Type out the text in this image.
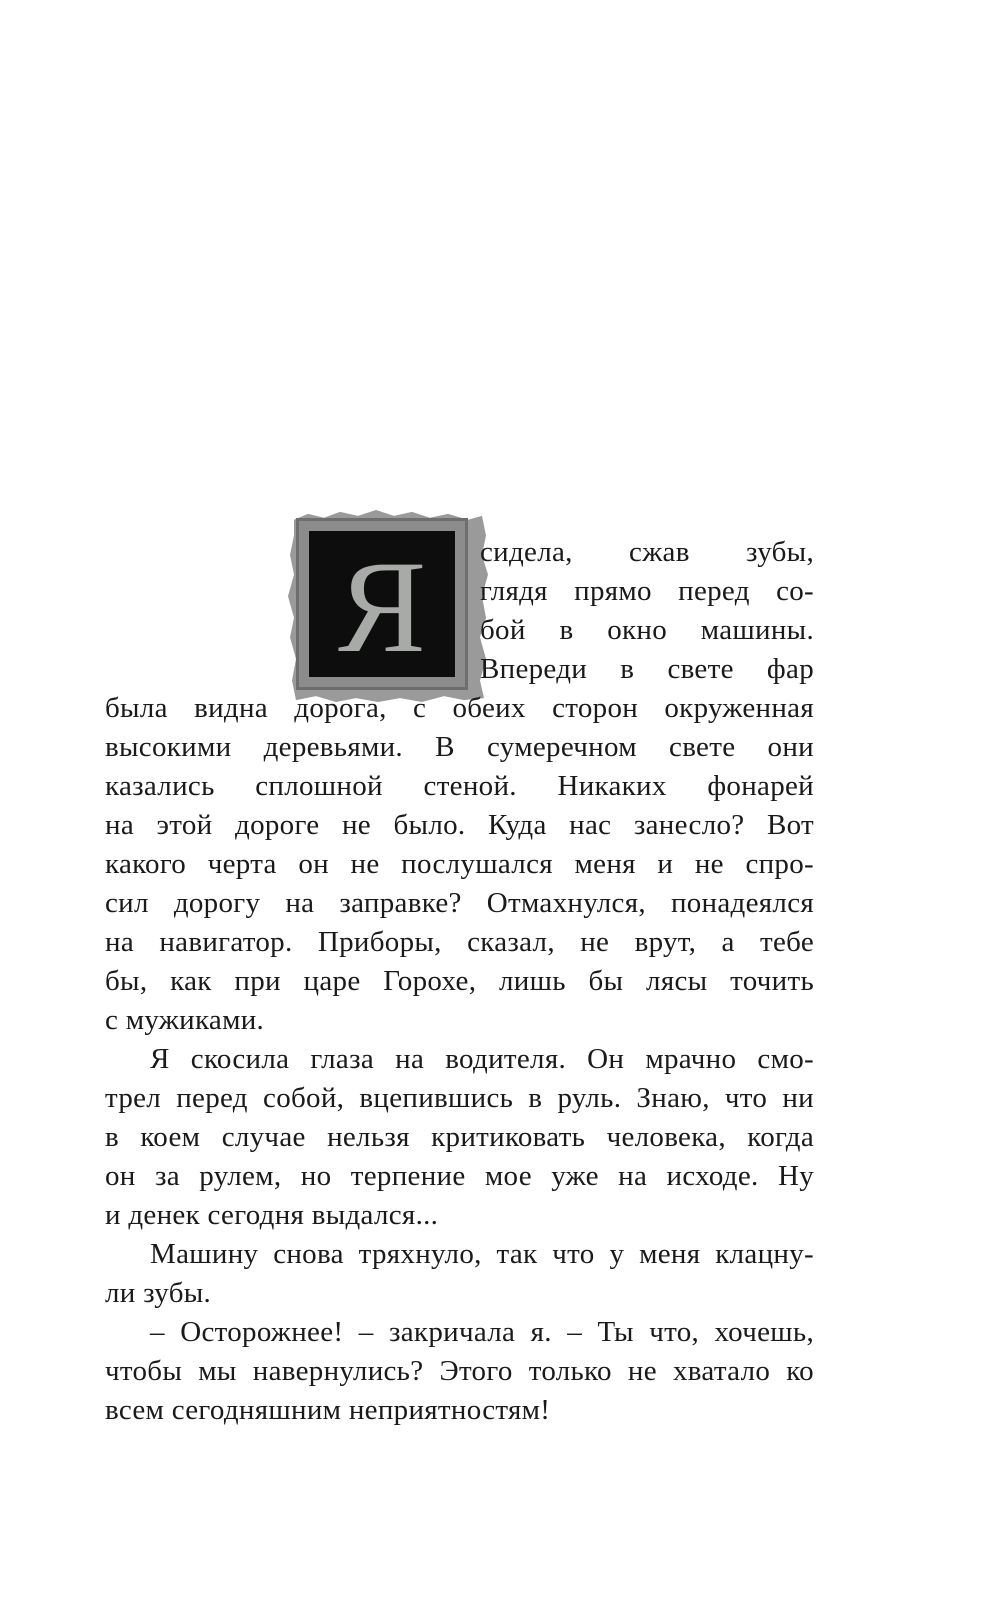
Я сидела, сжав зубы,
глядя прямо перед со-
бой в окно машины.
Впереди в свете фар
была видна дорога, с обеих сторон окруженная
высокими деревьями. В сумеречном свете они
казались сплошной стеной. Никаких фонарей
на этой дороге не было. Куда нас занесло? Вот
какого черта он не послушался меня и не спро-
сил дорогу на заправке? Отмахнулся, понадеялся
на навигатор. Приборы, сказал, не врут, а тебе
бы, как при царе Горохе, лишь бы лясы точить
с мужиками.
Я скосила глаза на водителя. Он мрачно смо-
трел перед собой, вцепившись в руль. Знаю, что ни
в коем случае нельзя критиковать человека, когда
он за рулем, но терпение мое уже на исходе. Ну
и денек сегодня выдался...
Машину снова тряхнуло, так что у меня клацну-
ли зубы.
– Осторожнее! – закричала я. – Ты что, хочешь,
чтобы мы навернулись? Этого только не хватало ко
всем сегодняшним неприятностям!
